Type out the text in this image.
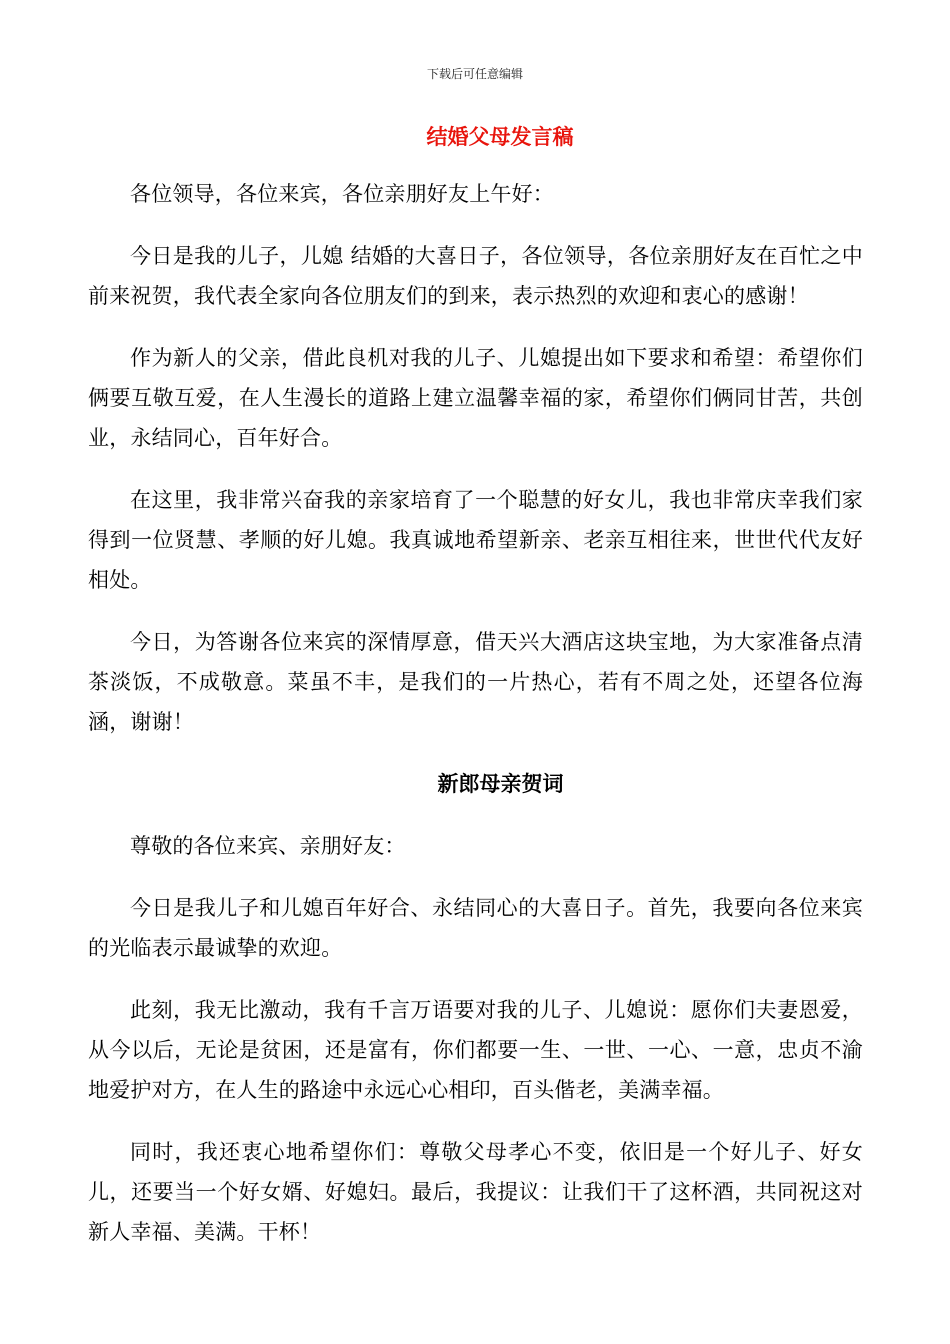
下载后可任意编辑
结婚父母发言稿

各位领导，各位来宾，各位亲朋好友上午好：

今日是我的儿子，儿媳 结婚的大喜日子，各位领导，各位亲朋好友在百忙之中前来祝贺，我代表全家向各位朋友们的到来，表示热烈的欢迎和衷心的感谢！

作为新人的父亲，借此良机对我的儿子、儿媳提出如下要求和希望：希望你们俩要互敬互爱，在人生漫长的道路上建立温馨幸福的家，希望你们俩同甘苦，共创业，永结同心，百年好合。

在这里，我非常兴奋我的亲家培育了一个聪慧的好女儿，我也非常庆幸我们家得到一位贤慧、孝顺的好儿媳。我真诚地希望新亲、老亲互相往来，世世代代友好相处。

今日，为答谢各位来宾的深情厚意，借天兴大酒店这块宝地，为大家准备点清茶淡饭，不成敬意。菜虽不丰，是我们的一片热心，若有不周之处，还望各位海涵，谢谢！

新郎母亲贺词

尊敬的各位来宾、亲朋好友：

今日是我儿子和儿媳百年好合、永结同心的大喜日子。首先，我要向各位来宾的光临表示最诚挚的欢迎。

此刻，我无比激动，我有千言万语要对我的儿子、儿媳说：愿你们夫妻恩爱，从今以后，无论是贫困，还是富有，你们都要一生、一世、一心、一意，忠贞不渝地爱护对方，在人生的路途中永远心心相印，百头偕老，美满幸福。

同时，我还衷心地希望你们：尊敬父母孝心不变，依旧是一个好儿子、好女儿，还要当一个好女婿、好媳妇。最后，我提议：让我们干了这杯酒，共同祝这对新人幸福、美满。干杯！
